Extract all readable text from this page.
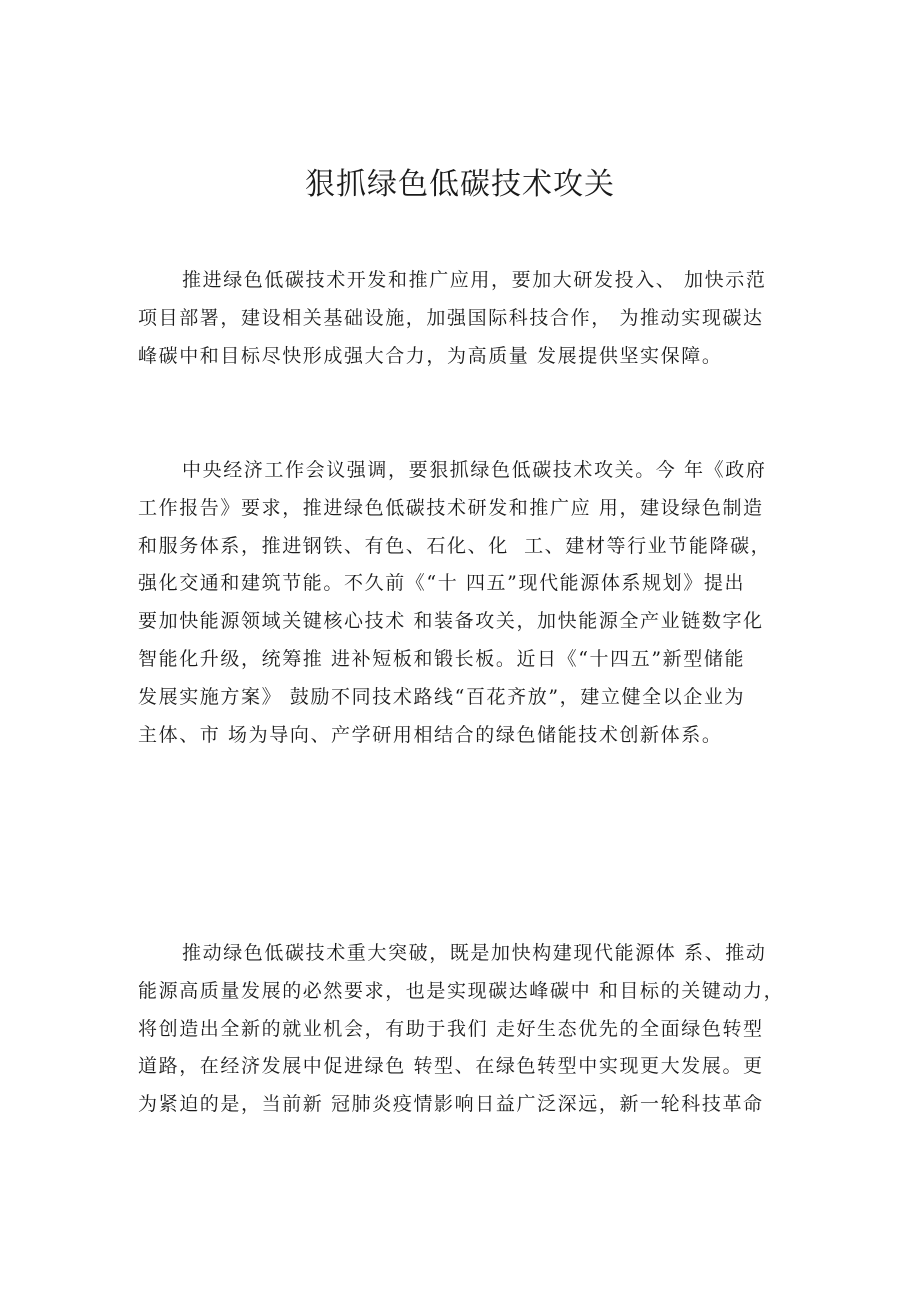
狠抓绿色低碳技术攻关
推进绿色低碳技术开发和推广应用，要加大研发投入、 加快示范
项目部署，建设相关基础设施，加强国际科技合作， 为推动实现碳达
峰碳中和目标尽快形成强大合力，为高质量 发展提供坚实保障。
中央经济工作会议强调，要狠抓绿色低碳技术攻关。今 年《政府
工作报告》要求，推进绿色低碳技术研发和推广应 用，建设绿色制造
和服务体系，推进钢铁、有色、石化、化  工、建材等行业节能降碳，
强化交通和建筑节能。不久前《“十 四五”现代能源体系规划》提出
要加快能源领域关键核心技术 和装备攻关，加快能源全产业链数字化
智能化升级，统筹推 进补短板和锻长板。近日《“十四五”新型储能
发展实施方案》 鼓励不同技术路线“百花齐放”，建立健全以企业为
主体、市 场为导向、产学研用相结合的绿色储能技术创新体系。
推动绿色低碳技术重大突破，既是加快构建现代能源体 系、推动
能源高质量发展的必然要求，也是实现碳达峰碳中 和目标的关键动力，
将创造出全新的就业机会，有助于我们 走好生态优先的全面绿色转型
道路，在经济发展中促进绿色 转型、在绿色转型中实现更大发展。更
为紧迫的是，当前新 冠肺炎疫情影响日益广泛深远，新一轮科技革命
